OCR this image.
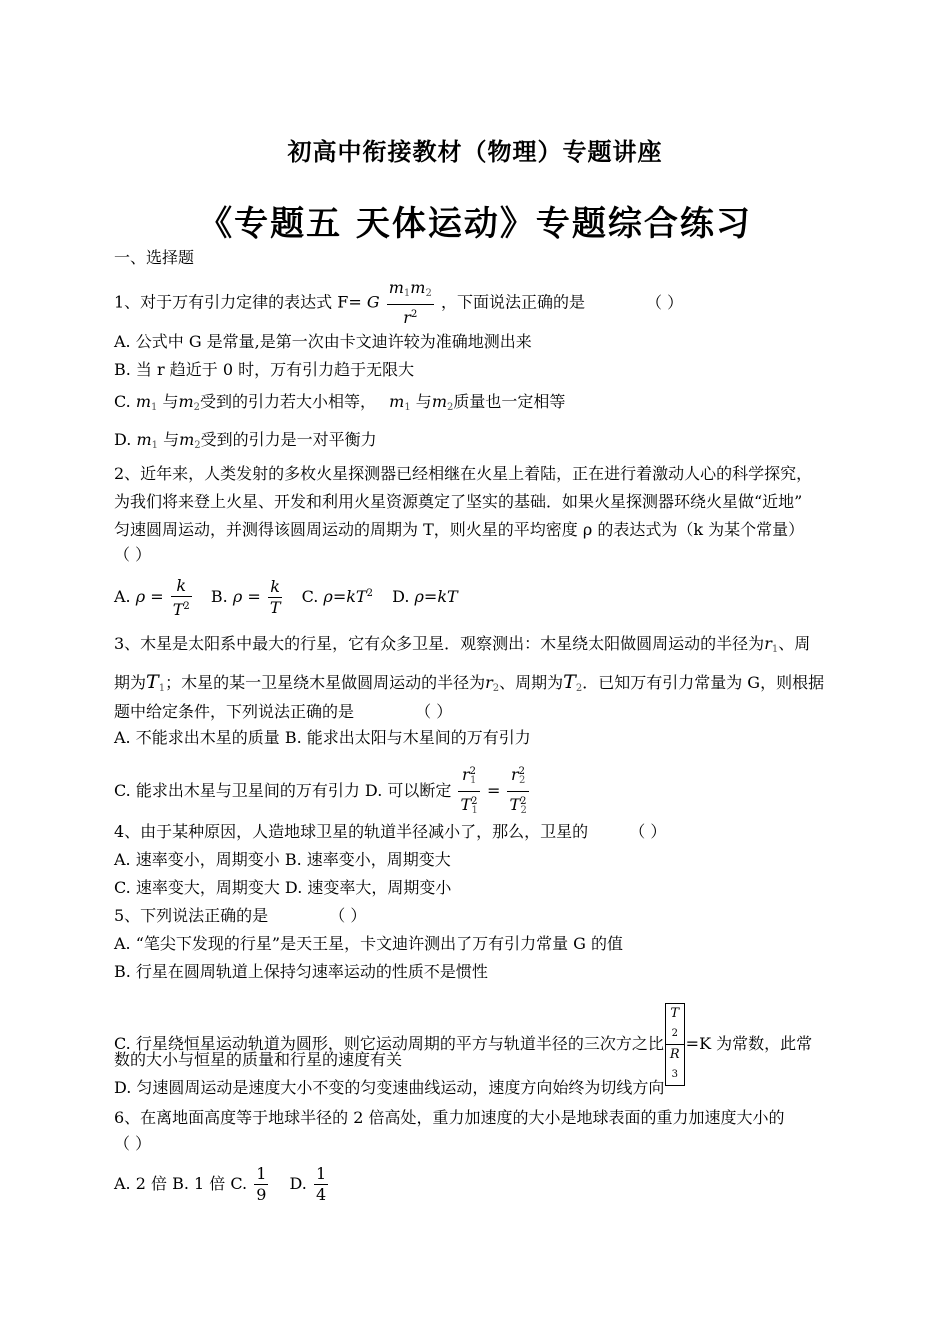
初高中衔接教材（物理）专题讲座
《专题五 天体运动》专题综合练习
一、选择题
1、对于万有引力定律的表达式 F= G $\frac{m_1m_2}{r^2}$ ，下面说法正确的是	（ ）
A. 公式中 G 是常量,是第一次由卡文迪许较为准确地测出来
B. 当 r 趋近于 0 时，万有引力趋于无限大
C. $m_1$ 与$m_2$受到的引力若大小相等， $m_1$ 与$m_2$质量也一定相等
D. $m_1$ 与$m_2$受到的引力是一对平衡力
2、近年来，人类发射的多枚火星探测器已经相继在火星上着陆，正在进行着激动人心的科学探究，
为我们将来登上火星、开发和利用火星资源奠定了坚实的基础．如果火星探测器环绕火星做“近地”
匀速圆周运动，并测得该圆周运动的周期为 T，则火星的平均密度 ρ 的表达式为（k 为某个常量）
（ ）
A. $\rho = \frac{k}{T^2} B$. $\rho = \frac{k}{T} C$. $\rho=kT^2$ D. ρ=kT
3、木星是太阳系中最大的行星，它有众多卫星．观察测出：木星绕太阳做圆周运动的半径为$r_1$、周
期为$T_1$；木星的某一卫星绕木星做圆周运动的半径为$r_2$、周期为$T_2$．已知万有引力常量为 G，则根据
题中给定条件，下列说法正确的是	（ ）
A. 不能求出木星的质量 B. 能求出太阳与木星间的万有引力
C. 能求出木星与卫星间的万有引力 D. 可以断定 $\frac{r^2_1}{T^2_1} = \frac{r^2_2}{T^2_2}$
4、由于某种原因，人造地球卫星的轨道半径减小了，那么，卫星的	（ ）
A. 速率变小，周期变小 B. 速率变小，周期变大
C. 速率变大，周期变大 D. 速变率大，周期变小
5、下列说法正确的是	（ ）
A. “笔尖下发现的行星”是天王星，卡文迪许测出了万有引力常量 G 的值
B. 行星在圆周轨道上保持匀速率运动的性质不是惯性
C. 行星绕恒星运动轨道为圆形，则它运动周期的平方与轨道半径的三次方之比 T
2
R
3 =K 为常数，此常
数的大小与恒星的质量和行星的速度有关
D. 匀速圆周运动是速度大小不变的匀变速曲线运动，速度方向始终为切线方向
6、在离地面高度等于地球半径的 2 倍高处，重力加速度的大小是地球表面的重力加速度大小的
（ ）
A. 2 倍 B. 1 倍 C. $\frac{1}{9} D$. $\frac{1}{4}$
